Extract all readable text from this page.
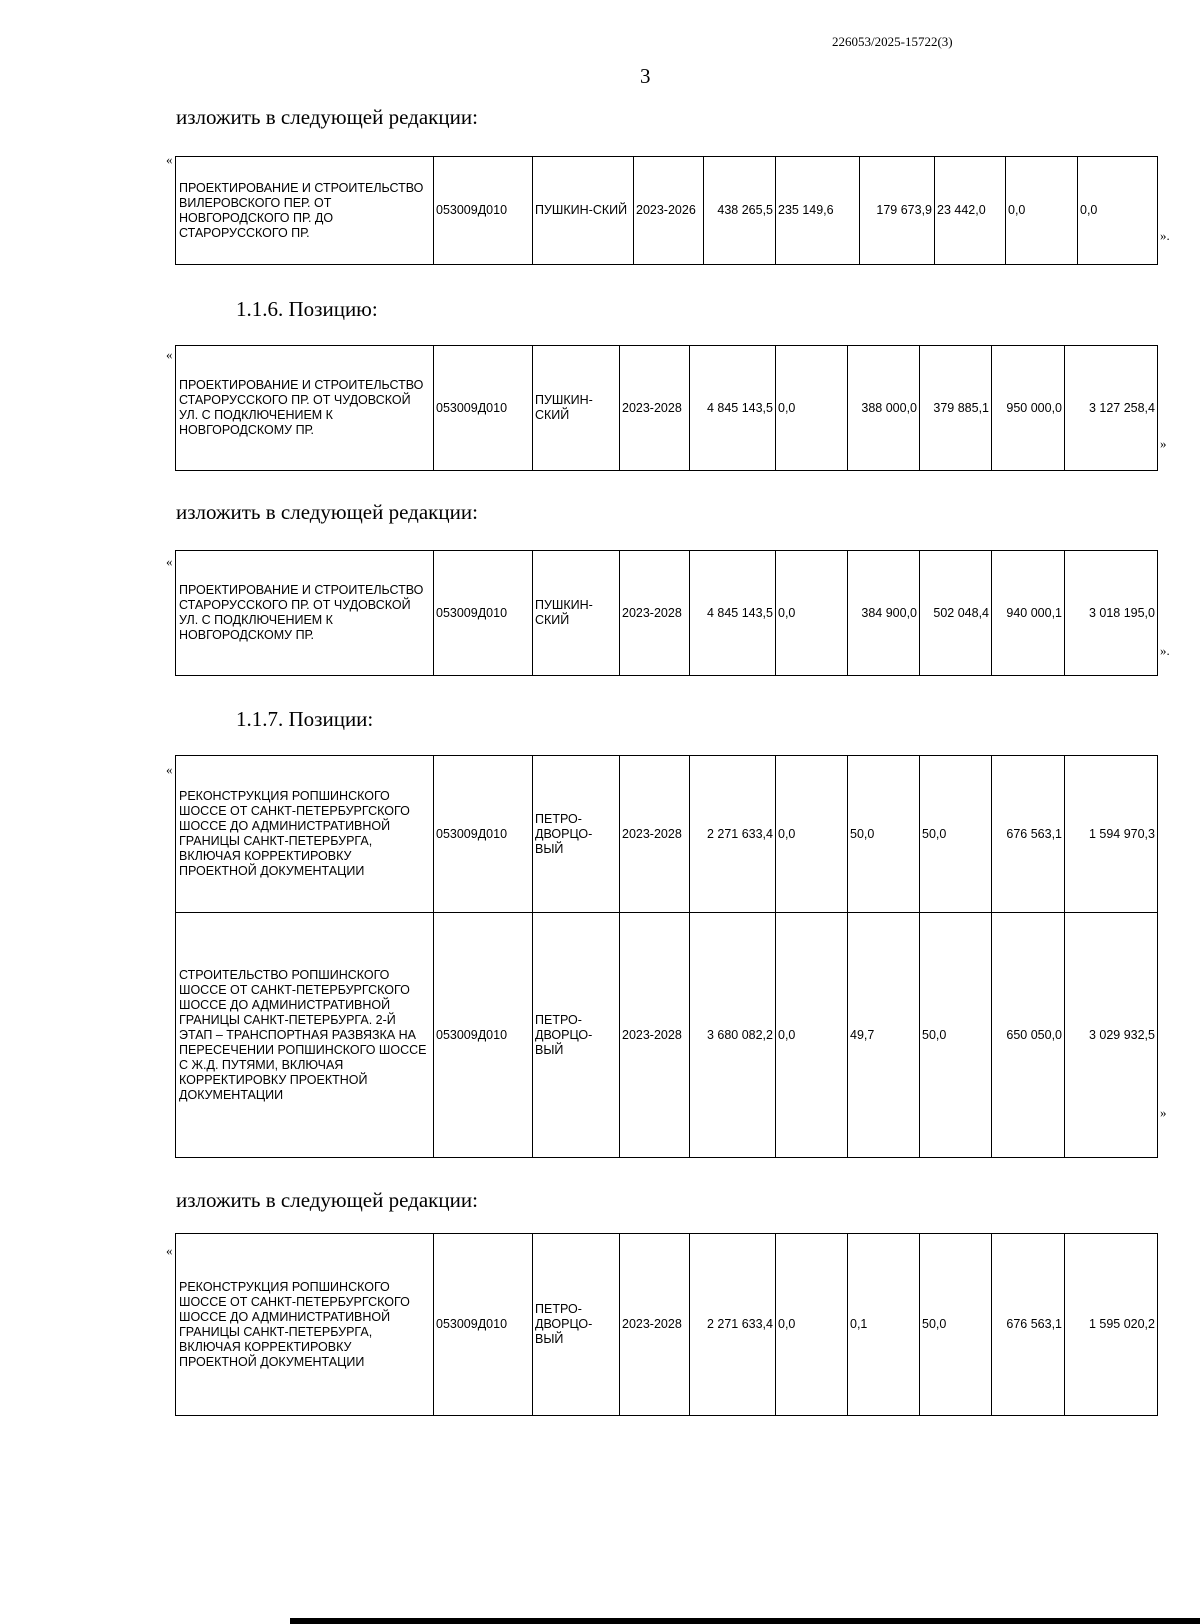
226053/2025-15722(3)
3
изложить в следующей редакции:
«
ПРОЕКТИРОВАНИЕ И СТРОИТЕЛЬСТВО ВИЛЕРОВСКОГО ПЕР. ОТ НОВГОРОДСКОГО ПР. ДО СТАРОРУССКОГО ПР.	053009Д010	ПУШКИН-СКИЙ	2023-2026	438 265,5	235 149,6	179 673,9	23 442,0	0,0	0,0
».
1.1.6. Позицию:
«
ПРОЕКТИРОВАНИЕ И СТРОИТЕЛЬСТВО СТАРОРУССКОГО ПР. ОТ ЧУДОВСКОЙ УЛ. С ПОДКЛЮЧЕНИЕМ К НОВГОРОДСКОМУ ПР.	053009Д010	ПУШКИН-СКИЙ	2023-2028	4 845 143,5	0,0	388 000,0	379 885,1	950 000,0	3 127 258,4
»
изложить в следующей редакции:
«
ПРОЕКТИРОВАНИЕ И СТРОИТЕЛЬСТВО СТАРОРУССКОГО ПР. ОТ ЧУДОВСКОЙ УЛ. С ПОДКЛЮЧЕНИЕМ К НОВГОРОДСКОМУ ПР.	053009Д010	ПУШКИН-СКИЙ	2023-2028	4 845 143,5	0,0	384 900,0	502 048,4	940 000,1	3 018 195,0
».
1.1.7. Позиции:
«
РЕКОНСТРУКЦИЯ РОПШИНСКОГО ШОССЕ ОТ САНКТ-ПЕТЕРБУРГСКОГО ШОССЕ ДО АДМИНИСТРАТИВНОЙ ГРАНИЦЫ САНКТ-ПЕТЕРБУРГА, ВКЛЮЧАЯ КОРРЕКТИРОВКУ ПРОЕКТНОЙ ДОКУМЕНТАЦИИ	053009Д010	ПЕТРО-ДВОРЦО-ВЫЙ	2023-2028	2 271 633,4	0,0	50,0	50,0	676 563,1	1 594 970,3
СТРОИТЕЛЬСТВО РОПШИНСКОГО ШОССЕ ОТ САНКТ-ПЕТЕРБУРГСКОГО ШОССЕ ДО АДМИНИСТРАТИВНОЙ ГРАНИЦЫ САНКТ-ПЕТЕРБУРГА. 2-Й ЭТАП – ТРАНСПОРТНАЯ РАЗВЯЗКА НА ПЕРЕСЕЧЕНИИ РОПШИНСКОГО ШОССЕ С Ж.Д. ПУТЯМИ, ВКЛЮЧАЯ КОРРЕКТИРОВКУ ПРОЕКТНОЙ ДОКУМЕНТАЦИИ	053009Д010	ПЕТРО-ДВОРЦО-ВЫЙ	2023-2028	3 680 082,2	0,0	49,7	50,0	650 050,0	3 029 932,5
»
изложить в следующей редакции:
«
РЕКОНСТРУКЦИЯ РОПШИНСКОГО ШОССЕ ОТ САНКТ-ПЕТЕРБУРГСКОГО ШОССЕ ДО АДМИНИСТРАТИВНОЙ ГРАНИЦЫ САНКТ-ПЕТЕРБУРГА, ВКЛЮЧАЯ КОРРЕКТИРОВКУ ПРОЕКТНОЙ ДОКУМЕНТАЦИИ	053009Д010	ПЕТРО-ДВОРЦО-ВЫЙ	2023-2028	2 271 633,4	0,0	0,1	50,0	676 563,1	1 595 020,2
